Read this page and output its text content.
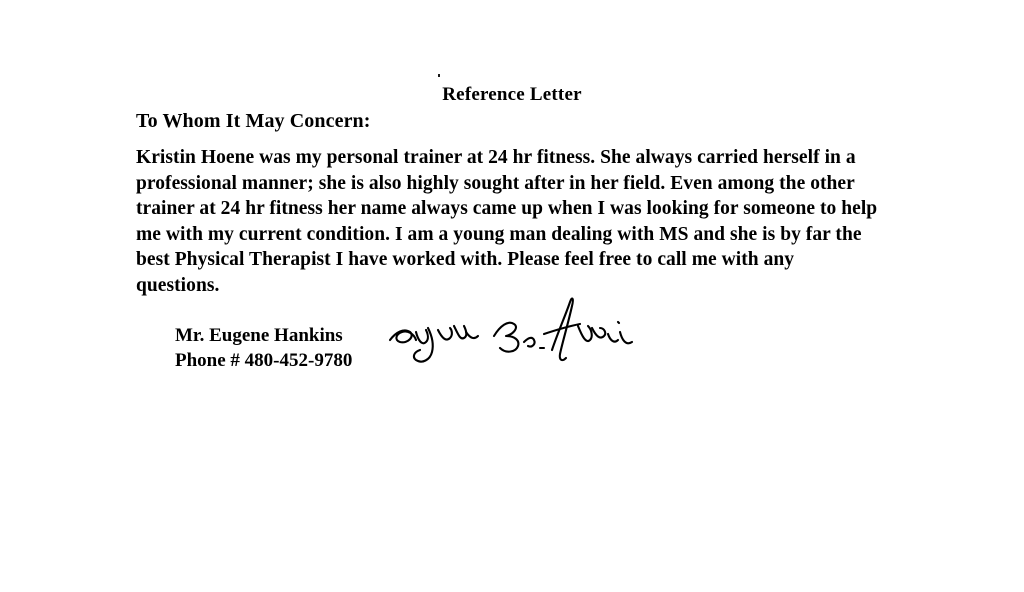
Reference Letter
To Whom It May Concern:
Kristin Hoene was my personal trainer at 24 hr fitness. She always carried herself in a professional manner; she is also highly sought after in her field. Even among the other trainer at 24 hr fitness her name always came up when I was looking for someone to help me with my current condition. I am a young man dealing with MS and she is by far the best Physical Therapist I have worked with. Please feel free to call me with any questions.
Mr. Eugene Hankins
Phone # 480-452-9780
